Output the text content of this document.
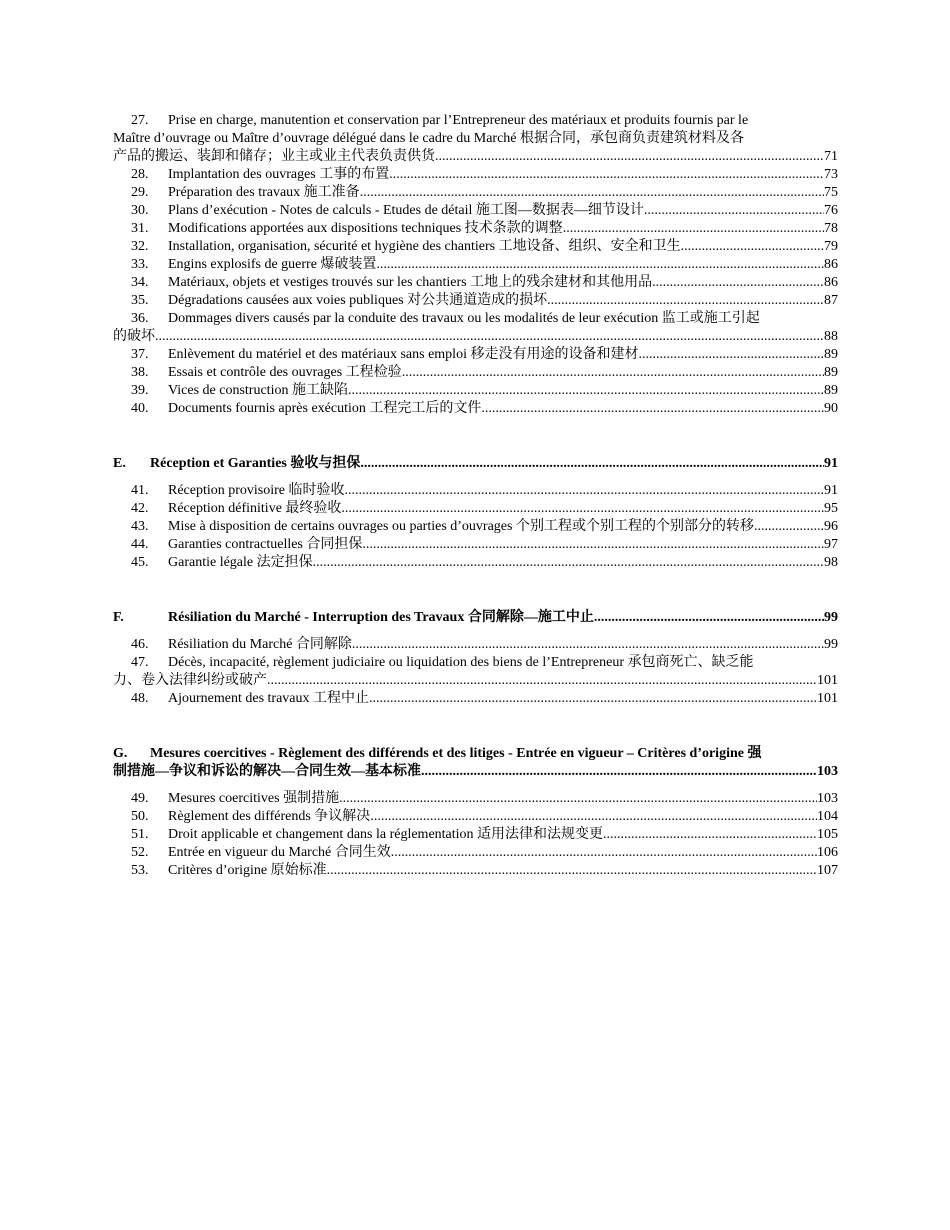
27.	Prise en charge, manutention et conservation par l’Entrepreneur des matériaux et produits fournis par le
Maître d’ouvrage ou Maître d’ouvrage délégué dans le cadre du Marché 根据合同，承包商负责建筑材料及各
产品的搬运、装卸和储存；业主或业主代表负责供货 .....	71
28.	Implantation des ouvrages 工事的布置 .....	73
29.	Préparation des travaux 施工准备 .....	75
30.	Plans d’exécution - Notes de calculs - Etudes de détail 施工图—数据表—细节设计 .....	76
31.	Modifications apportées aux dispositions techniques 技术条款的调整 .....	78
32.	Installation, organisation, sécurité et hygiène des chantiers 工地设备、组织、安全和卫生 .....	79
33.	Engins explosifs de guerre 爆破装置 .....	86
34.	Matériaux, objets et vestiges trouvés sur les chantiers 工地上的残余建材和其他用品 .....	86
35.	Dégradations causées aux voies publiques 对公共通道造成的损坏 .....	87
36.	Dommages divers causés par la conduite des travaux ou les modalités de leur exécution 监工或施工引起
的破坏 .....	88
37.	Enlèvement du matériel et des matériaux sans emploi 移走没有用途的设备和建材 .....	89
38.	Essais et contrôle des ouvrages 工程检验 .....	89
39.	Vices de construction 施工缺陷 .....	89
40.	Documents fournis après exécution 工程完工后的文件 .....	90
E.	Réception et Garanties 验收与担保 .....	91
41.	Réception provisoire 临时验收 .....	91
42.	Réception définitive 最终验收 .....	95
43.	Mise à disposition de certains ouvrages ou parties d’ouvrages 个别工程或个别工程的个别部分的转移 .....	96
44.	Garanties contractuelles 合同担保 .....	97
45.	Garantie légale 法定担保 .....	98
F.	Résiliation du Marché - Interruption des Travaux 合同解除—施工中止 .....	99
46.	Résiliation du Marché 合同解除 .....	99
47.	Décès, incapacité, règlement judiciaire ou liquidation des biens de l’Entrepreneur 承包商死亡、缺乏能
力、卷入法律纠纷或破产 .....	101
48.	Ajournement des travaux 工程中止 .....	101
G.	Mesures coercitives - Règlement des différends et des litiges - Entrée en vigueur – Critères d’origine 强
制措施—争议和诉讼的解决—合同生效—基本标准 .....	103
49.	Mesures coercitives 强制措施 .....	103
50.	Règlement des différends 争议解决 .....	104
51.	Droit applicable et changement dans la réglementation 适用法律和法规变更 .....	105
52.	Entrée en vigueur du Marché 合同生效 .....	106
53.	Critères d’origine 原始标准 .....	107
